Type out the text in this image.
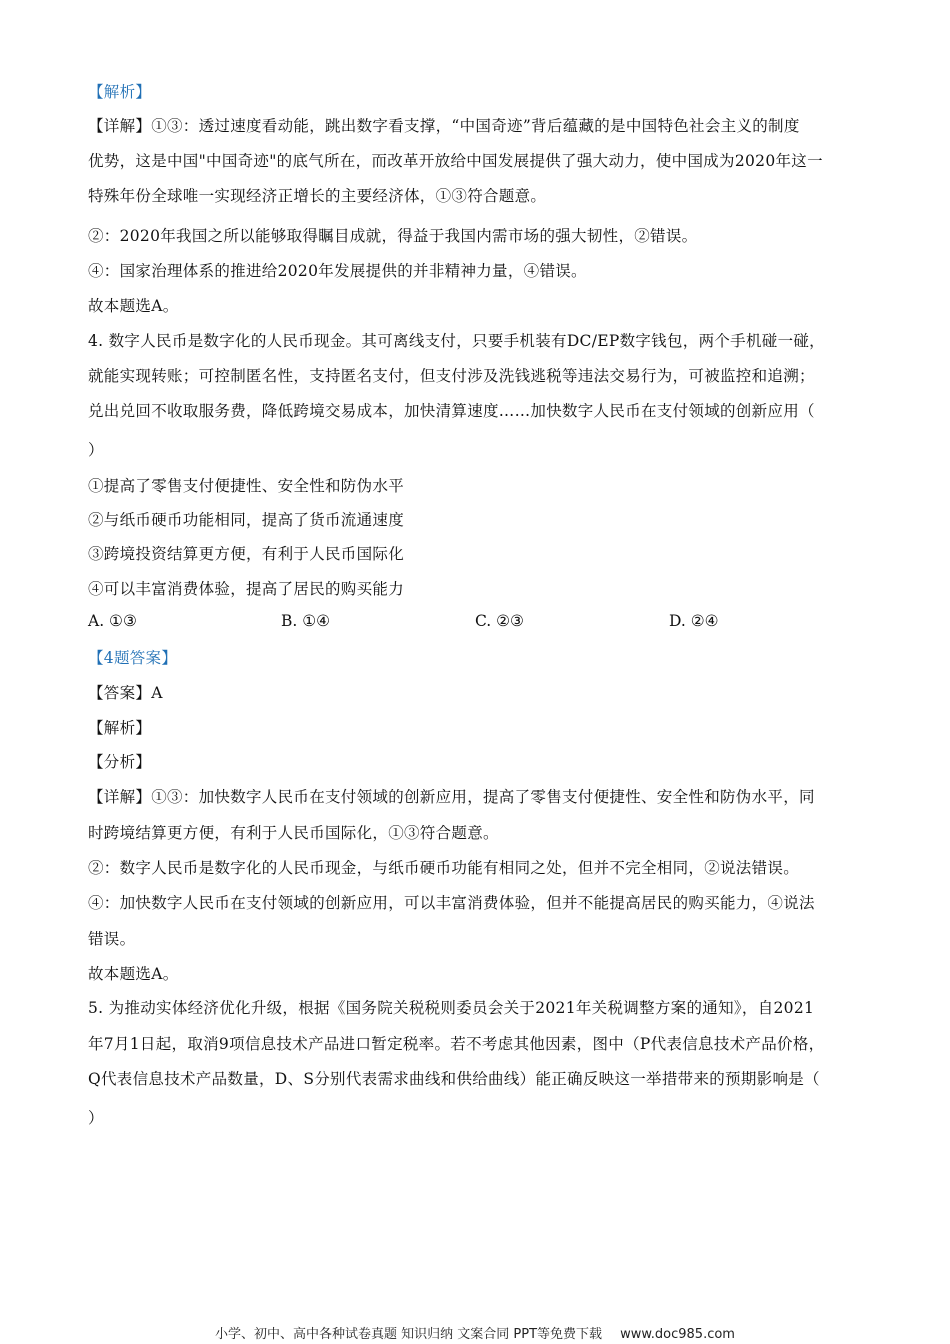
【解析】
【详解】①③：透过速度看动能，跳出数字看支撑，“中国奇迹”背后蕴藏的是中国特色社会主义的制度
优势，这是中国"中国奇迹"的底气所在，而改革开放给中国发展提供了强大动力，使中国成为2020年这一
特殊年份全球唯一实现经济正增长的主要经济体，①③符合题意。
②：2020年我国之所以能够取得瞩目成就，得益于我国内需市场的强大韧性，②错误。
④：国家治理体系的推进给2020年发展提供的并非精神力量，④错误。
故本题选A。
4. 数字人民币是数字化的人民币现金。其可离线支付，只要手机装有DC/EP数字钱包，两个手机碰一碰，
就能实现转账；可控制匿名性，支持匿名支付，但支付涉及洗钱逃税等违法交易行为，可被监控和追溯；
兑出兑回不收取服务费，降低跨境交易成本，加快清算速度……加快数字人民币在支付领域的创新应用（
）
①提高了零售支付便捷性、安全性和防伪水平
②与纸币硬币功能相同，提高了货币流通速度
③跨境投资结算更方便，有利于人民币国际化
④可以丰富消费体验，提高了居民的购买能力
A. ①③	B. ①④	C. ②③	D. ②④
【4题答案】
【答案】A
【解析】
【分析】
【详解】①③：加快数字人民币在支付领域的创新应用，提高了零售支付便捷性、安全性和防伪水平，同
时跨境结算更方便，有利于人民币国际化，①③符合题意。
②：数字人民币是数字化的人民币现金，与纸币硬币功能有相同之处，但并不完全相同，②说法错误。
④：加快数字人民币在支付领域的创新应用，可以丰富消费体验，但并不能提高居民的购买能力，④说法
错误。
故本题选A。
5. 为推动实体经济优化升级，根据《国务院关税税则委员会关于2021年关税调整方案的通知》，自2021
年7月1日起，取消9项信息技术产品进口暂定税率。若不考虑其他因素，图中（P代表信息技术产品价格，
Q代表信息技术产品数量，D、S分别代表需求曲线和供给曲线）能正确反映这一举措带来的预期影响是（
）
小学、初中、高中各种试卷真题 知识归纳 文案合同 PPT等免费下载 www.doc985.com
